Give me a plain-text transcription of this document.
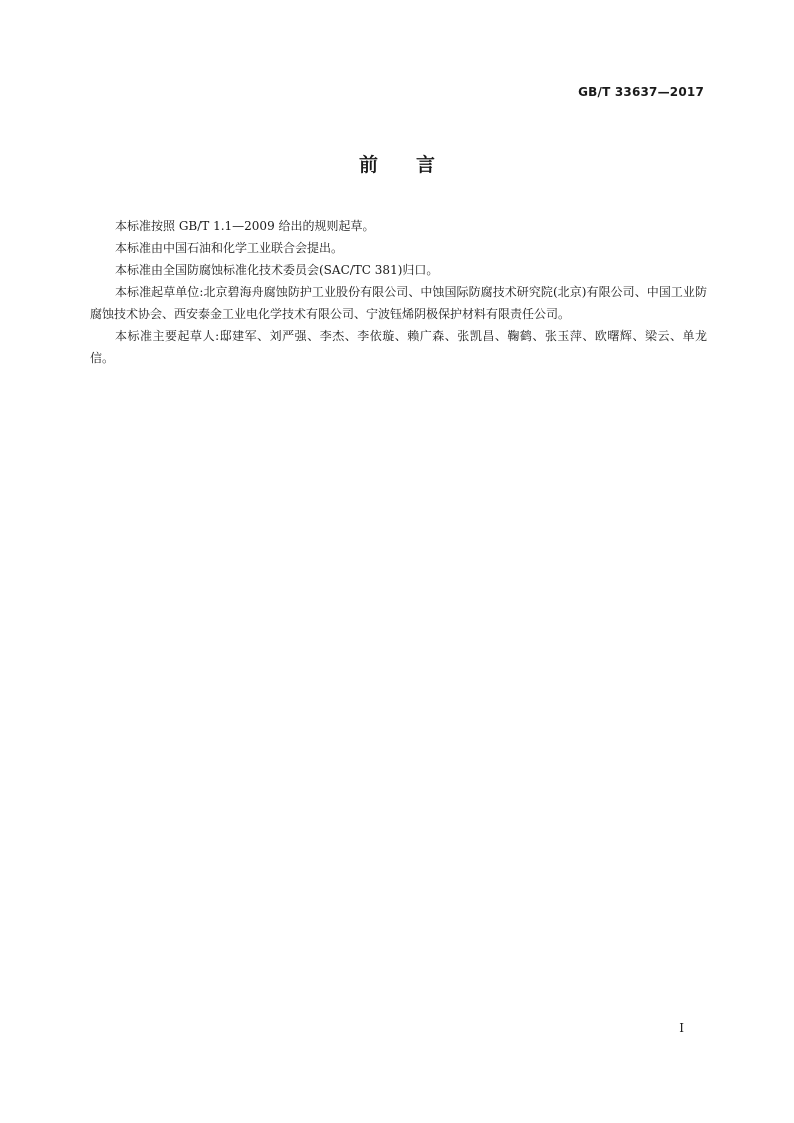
GB/T 33637—2017

前言

本标准按照 GB/T 1.1—2009 给出的规则起草。

本标准由中国石油和化学工业联合会提出。

本标准由全国防腐蚀标准化技术委员会(SAC/TC 381)归口。

本标准起草单位:北京碧海舟腐蚀防护工业股份有限公司、中蚀国际防腐技术研究院(北京)有限公司、中国工业防腐蚀技术协会、西安泰金工业电化学技术有限公司、宁波钰烯阴极保护材料有限责任公司。

本标准主要起草人:邸建军、刘严强、李杰、李依璇、赖广森、张凯昌、鞠鹤、张玉萍、欧曙辉、梁云、单龙信。

I
